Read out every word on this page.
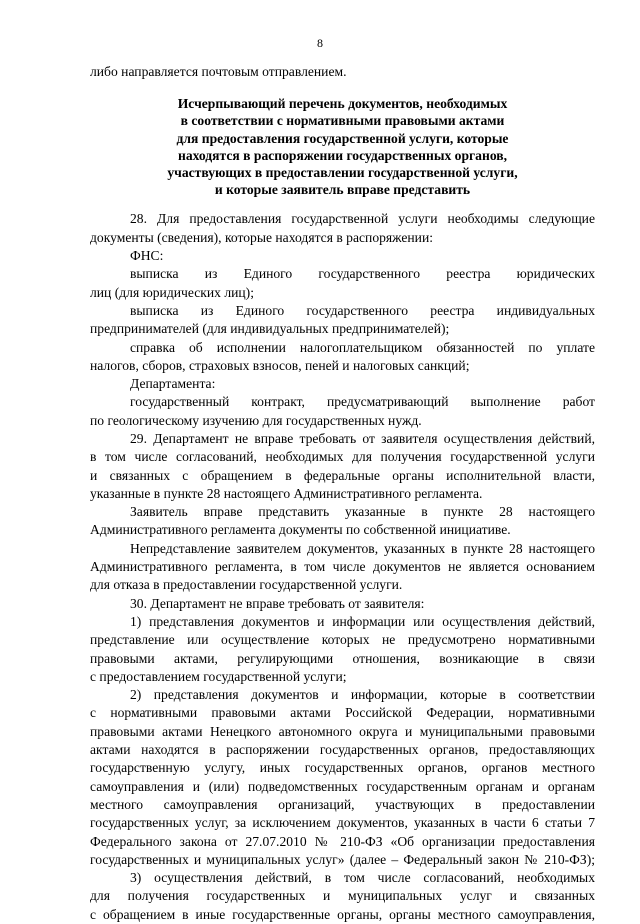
8
либо направляется почтовым отправлением.
Исчерпывающий перечень документов, необходимых
в соответствии с нормативными правовыми актами
для предоставления государственной услуги, которые
находятся в распоряжении государственных органов,
участвующих в предоставлении государственной услуги,
и которые заявитель вправе представить
28. Для предоставления государственной услуги необходимы следующие
документы (сведения), которые находятся в распоряжении:
ФНС:
выписка из Единого государственного реестра юридических
лиц (для юридических лиц);
выписка из Единого государственного реестра индивидуальных
предпринимателей (для индивидуальных предпринимателей);
справка об исполнении налогоплательщиком обязанностей по уплате
налогов, сборов, страховых взносов, пеней и налоговых санкций;
Департамента:
государственный контракт, предусматривающий выполнение работ
по геологическому изучению для государственных нужд.
29. Департамент не вправе требовать от заявителя осуществления действий,
в том числе согласований, необходимых для получения государственной услуги
и связанных с обращением в федеральные органы исполнительной власти,
указанные в пункте 28 настоящего Административного регламента.
Заявитель вправе представить указанные в пункте 28 настоящего
Административного регламента документы по собственной инициативе.
Непредставление заявителем документов, указанных в пункте 28 настоящего
Административного регламента, в том числе документов не является основанием
для отказа в предоставлении государственной услуги.
30. Департамент не вправе требовать от заявителя:
1) представления документов и информации или осуществления действий,
представление или осуществление которых не предусмотрено нормативными
правовыми актами, регулирующими отношения, возникающие в связи
с предоставлением государственной услуги;
2) представления документов и информации, которые в соответствии
с нормативными правовыми актами Российской Федерации, нормативными
правовыми актами Ненецкого автономного округа и муниципальными правовыми
актами находятся в распоряжении государственных органов, предоставляющих
государственную услугу, иных государственных органов, органов местного
самоуправления и (или) подведомственных государственным органам и органам
местного самоуправления организаций, участвующих в предоставлении
государственных услуг, за исключением документов, указанных в части 6 статьи 7
Федерального закона от 27.07.2010 № 210-ФЗ «Об организации предоставления
государственных и муниципальных услуг» (далее – Федеральный закон № 210-ФЗ);
3) осуществления действий, в том числе согласований, необходимых
для получения государственных и муниципальных услуг и связанных
с обращением в иные государственные органы, органы местного самоуправления,
